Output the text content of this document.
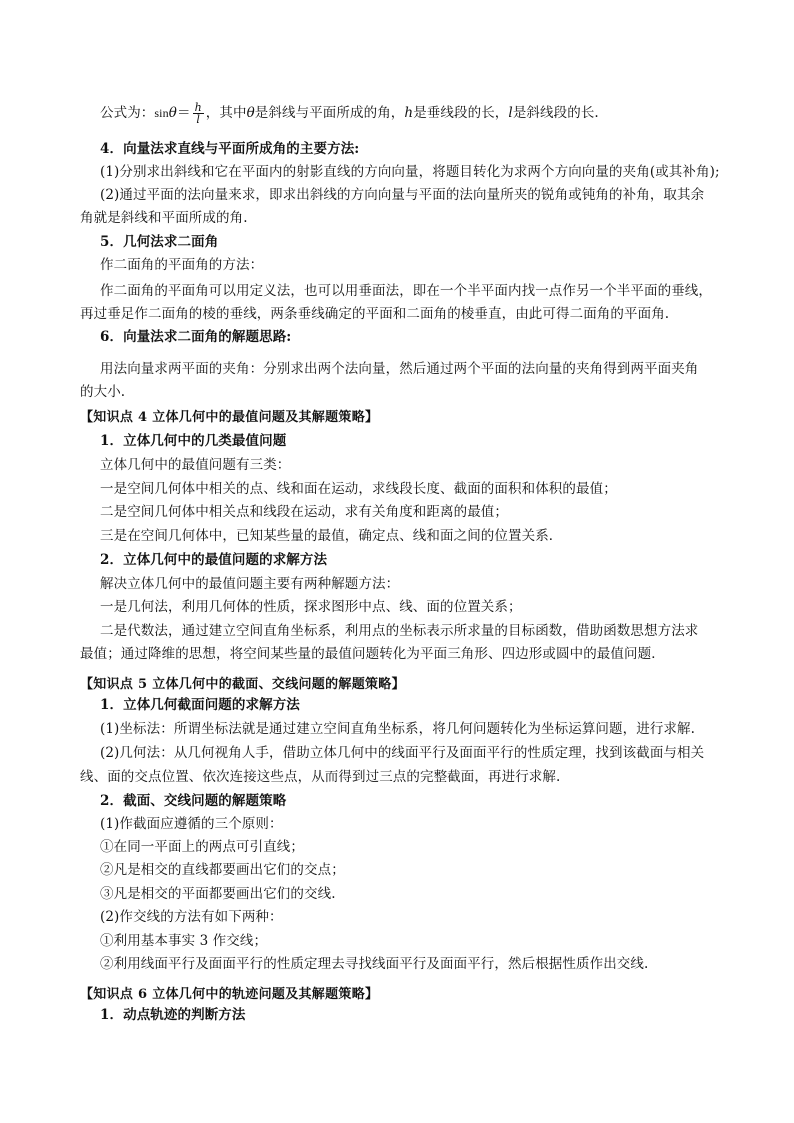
公式为：$\sin\theta= \frac{h}{l}$ ，其中θ是斜线与平面所成的角，h是垂线段的长，l是斜线段的长.
4．向量法求直线与平面所成角的主要方法:
(1)分别求出斜线和它在平面内的射影直线的方向向量，将题目转化为求两个方向向量的夹角(或其补角);
(2)通过平面的法向量来求，即求出斜线的方向向量与平面的法向量所夹的锐角或钝角的补角，取其余
角就是斜线和平面所成的角.
5．几何法求二面角
作二面角的平面角的方法：
作二面角的平面角可以用定义法，也可以用垂面法，即在一个半平面内找一点作另一个半平面的垂线，
再过垂足作二面角的棱的垂线，两条垂线确定的平面和二面角的棱垂直，由此可得二面角的平面角.
6．向量法求二面角的解题思路:
用法向量求两平面的夹角：分别求出两个法向量，然后通过两个平面的法向量的夹角得到两平面夹角
的大小.
【知识点 4 立体几何中的最值问题及其解题策略】
1．立体几何中的几类最值问题
立体几何中的最值问题有三类：
一是空间几何体中相关的点、线和面在运动，求线段长度、截面的面积和体积的最值；
二是空间几何体中相关点和线段在运动，求有关角度和距离的最值；
三是在空间几何体中，已知某些量的最值，确定点、线和面之间的位置关系．
2．立体几何中的最值问题的求解方法
解决立体几何中的最值问题主要有两种解题方法：
一是几何法，利用几何体的性质，探求图形中点、线、面的位置关系；
二是代数法，通过建立空间直角坐标系，利用点的坐标表示所求量的目标函数，借助函数思想方法求
最值；通过降维的思想，将空间某些量的最值问题转化为平面三角形、四边形或圆中的最值问题．
【知识点 5 立体几何中的截面、交线问题的解题策略】
1．立体几何截面问题的求解方法
(1)坐标法：所谓坐标法就是通过建立空间直角坐标系，将几何问题转化为坐标运算问题，进行求解.
(2)几何法：从几何视角人手，借助立体几何中的线面平行及面面平行的性质定理，找到该截面与相关
线、面的交点位置、依次连接这些点，从而得到过三点的完整截面，再进行求解.
2．截面、交线问题的解题策略
(1)作截面应遵循的三个原则：
①在同一平面上的两点可引直线；
②凡是相交的直线都要画出它们的交点；
③凡是相交的平面都要画出它们的交线.
(2)作交线的方法有如下两种：
①利用基本事实 3 作交线；
②利用线面平行及面面平行的性质定理去寻找线面平行及面面平行，然后根据性质作出交线.
【知识点 6 立体几何中的轨迹问题及其解题策略】
1．动点轨迹的判断方法
